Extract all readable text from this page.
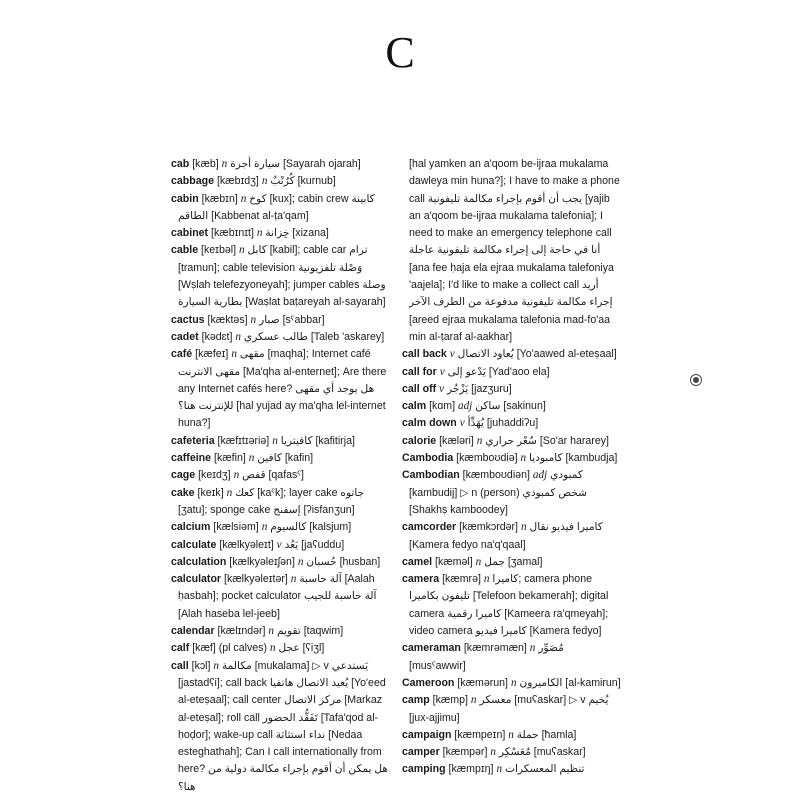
C

cab [kæb] n سيارة أجرة [Sayarah ojarah]

cabbage [kæbɪdʒ] n كُرُنْبٌ [kurnub]

cabin [kæbɪn] n كوخ [kux]; cabin crew كابينة الطاقم [Kabbenat al-ṭa'qam]

cabinet [kæbɪnɪt] n خِزانة [xizana]

cable [keɪbəl] n كابل [kabil]; cable car ترام [tramun]; cable television وَصْلة تلفزيونية [Wṣlah telefezyoneyah]; jumper cables وصلة بطارية السيارة [Waṣlat baṭareyah al-sayarah]

cactus [kæktəs] n صبار [sˤabbar]

cadet [kədɛt] n طالب عسكري [Taleb 'askarey]

café [kæfeɪ] n مقهى [maqha]; Internet café مقهى الانترنت [Ma'qha al-enternet]; Are there any Internet cafés here? هل يوجد أي مقهى للإنترنت هنا؟ [hal yujad ay ma'qha lel-internet huna?]

cafeteria [kæfɪtɪəriə] n كافيتريا [kafitirja]

caffeine [kæfin] n كافين [kafin]

cage [keɪdʒ] n قفص [qafasˤ]

cake [keɪk] n كعك [kaˤk]; layer cake جاتوه [ʒatu]; sponge cake إسفنج [ʔisfanʒun]

calcium [kælsiəm] n كالسيوم [kalsjum]

calculate [kælkyəleɪt] v يَعُد [jaʕuddu]

calculation [kælkyəleɪʃən] n حُسبان [husban]

calculator [kælkyəleɪtər] n آلة حاسبة [Aalah ḥasbah]; pocket calculator آلة حاسبة للجيب [Alah haseba lel-jeeb]

calendar [kælɪndər] n تقويم [taqwim]

calf [kæf] (pl calves) n عجل [ʕiʒl]

call [kɔl] n مكالمة [mukalama] ▷ v يَستدعي [jastadʕi]; call back يُعيد الاتصال هاتفيا [Yo'eed al-eteṣaal]; call center مركز الاتصال [Markaz al-eteṣal]; roll call تَفَقُّد الحضور [Tafa'qod al-ḥoḍor]; wake-up call نداء استثاثة [Nedaa esteghathah]; Can I call internationally from here? هل يمكن أن أقوم بإجراء مكالمة دولية من هنا؟

[hal yamken an a'qoom be-ijraa mukalama dawleya min huna?]; I have to make a phone call يجب أن أقوم بإجراء مكالمة تليفونية [yajib an a'qoom be-ijraa mukalama talefonia]; I need to make an emergency telephone call أنا في حاجة إلى إجراء مكالمة تليفونية عاجلة [ana fee ḥaja ela ejraa mukalama talefoniya 'aajela]; I'd like to make a collect call أريد إجراء مكالمة تليفونية مدفوعة من الطرف الآخر [areed ejraa mukalama talefonia mad-fo'aa min al-ṭaraf al-aakhar]

call back v يُعاود الاتصال [Yo'aawed al-eteṣaal]

call for v يَدْعو إلى [Yad'aoo ela]

call off v يَزْجُر [jazʒuru]

calm [kɑm] adj ساكن [sakinun]

calm down v يُهَدِّأ [juhaddiʔu]

calorie [kæləri] n سُعْر حراري [So'ar hararey]

Cambodia [kæmboʊdiə] n كامبوديا [kambudja]

Cambodian [kæmboʊdiən] adj كمبودي [kambudij] ▷ n (person) شخص كمبودي [Shakhṣ kamboodey]

camcorder [kæmkɔrdər] n كاميرا فيديو نقال [Kamera fedyo na'q'qaal]

camel [kæməl] n جمل [ʒamal]

camera [kæmrə] n كاميرا; camera phone تليفون بكاميرا [Telefoon bekamerah]; digital camera كاميرا رقمية [Kameera ra'qmeyah]; video camera كاميرا فيديو [Kamera fedyo]

cameraman [kæmrəmæn] n مُصَوِّر [musˤawwir]

Cameroon [kæmərun] n الكاميرون [al-kamirun]

camp [kæmp] n معسكر [muʕaskar] ▷ v يُخيم [jux-ajjimu]

campaign [kæmpeɪn] n حملة [ħamla]

camper [kæmpər] n مُعَسْكِر [muʕaskar]

camping [kæmpɪŋ] n تنظيم المعسكرات
